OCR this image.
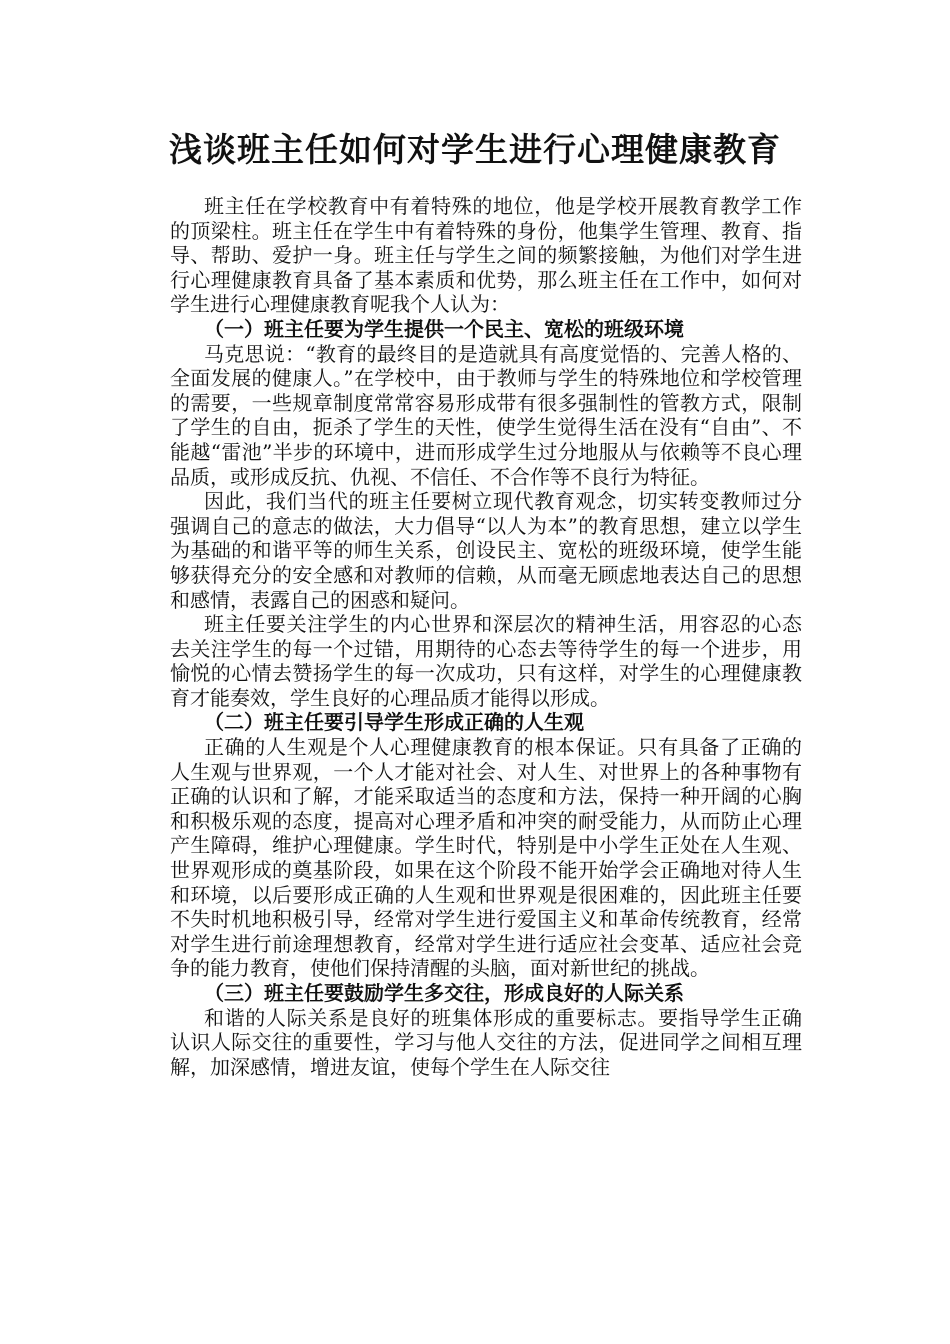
浅谈班主任如何对学生进行心理健康教育

班主任在学校教育中有着特殊的地位，他是学校开展教育教学工作的顶梁柱。班主任在学生中有着特殊的身份，他集学生管理、教育、指导、帮助、爱护一身。班主任与学生之间的频繁接触，为他们对学生进行心理健康教育具备了基本素质和优势，那么班主任在工作中，如何对学生进行心理健康教育呢我个人认为：

（一）班主任要为学生提供一个民主、宽松的班级环境

马克思说：“教育的最终目的是造就具有高度觉悟的、完善人格的、全面发展的健康人。”在学校中，由于教师与学生的特殊地位和学校管理的需要，一些规章制度常常容易形成带有很多强制性的管教方式，限制了学生的自由，扼杀了学生的天性，使学生觉得生活在没有“自由”、不能越“雷池”半步的环境中，进而形成学生过分地服从与依赖等不良心理品质，或形成反抗、仇视、不信任、不合作等不良行为特征。

因此，我们当代的班主任要树立现代教育观念，切实转变教师过分强调自己的意志的做法，大力倡导“以人为本”的教育思想，建立以学生为基础的和谐平等的师生关系，创设民主、宽松的班级环境，使学生能够获得充分的安全感和对教师的信赖，从而毫无顾虑地表达自己的思想和感情，表露自己的困惑和疑问。

班主任要关注学生的内心世界和深层次的精神生活，用容忍的心态去关注学生的每一个过错，用期待的心态去等待学生的每一个进步，用愉悦的心情去赞扬学生的每一次成功，只有这样，对学生的心理健康教育才能奏效，学生良好的心理品质才能得以形成。

（二）班主任要引导学生形成正确的人生观

正确的人生观是个人心理健康教育的根本保证。只有具备了正确的人生观与世界观，一个人才能对社会、对人生、对世界上的各种事物有正确的认识和了解，才能采取适当的态度和方法，保持一种开阔的心胸和积极乐观的态度，提高对心理矛盾和冲突的耐受能力，从而防止心理产生障碍，维护心理健康。学生时代，特别是中小学生正处在人生观、世界观形成的奠基阶段，如果在这个阶段不能开始学会正确地对待人生和环境，以后要形成正确的人生观和世界观是很困难的，因此班主任要不失时机地积极引导，经常对学生进行爱国主义和革命传统教育，经常对学生进行前途理想教育，经常对学生进行适应社会变革、适应社会竞争的能力教育，使他们保持清醒的头脑，面对新世纪的挑战。

（三）班主任要鼓励学生多交往，形成良好的人际关系

和谐的人际关系是良好的班集体形成的重要标志。要指导学生正确认识人际交往的重要性，学习与他人交往的方法，促进同学之间相互理解，加深感情，增进友谊，使每个学生在人际交往
